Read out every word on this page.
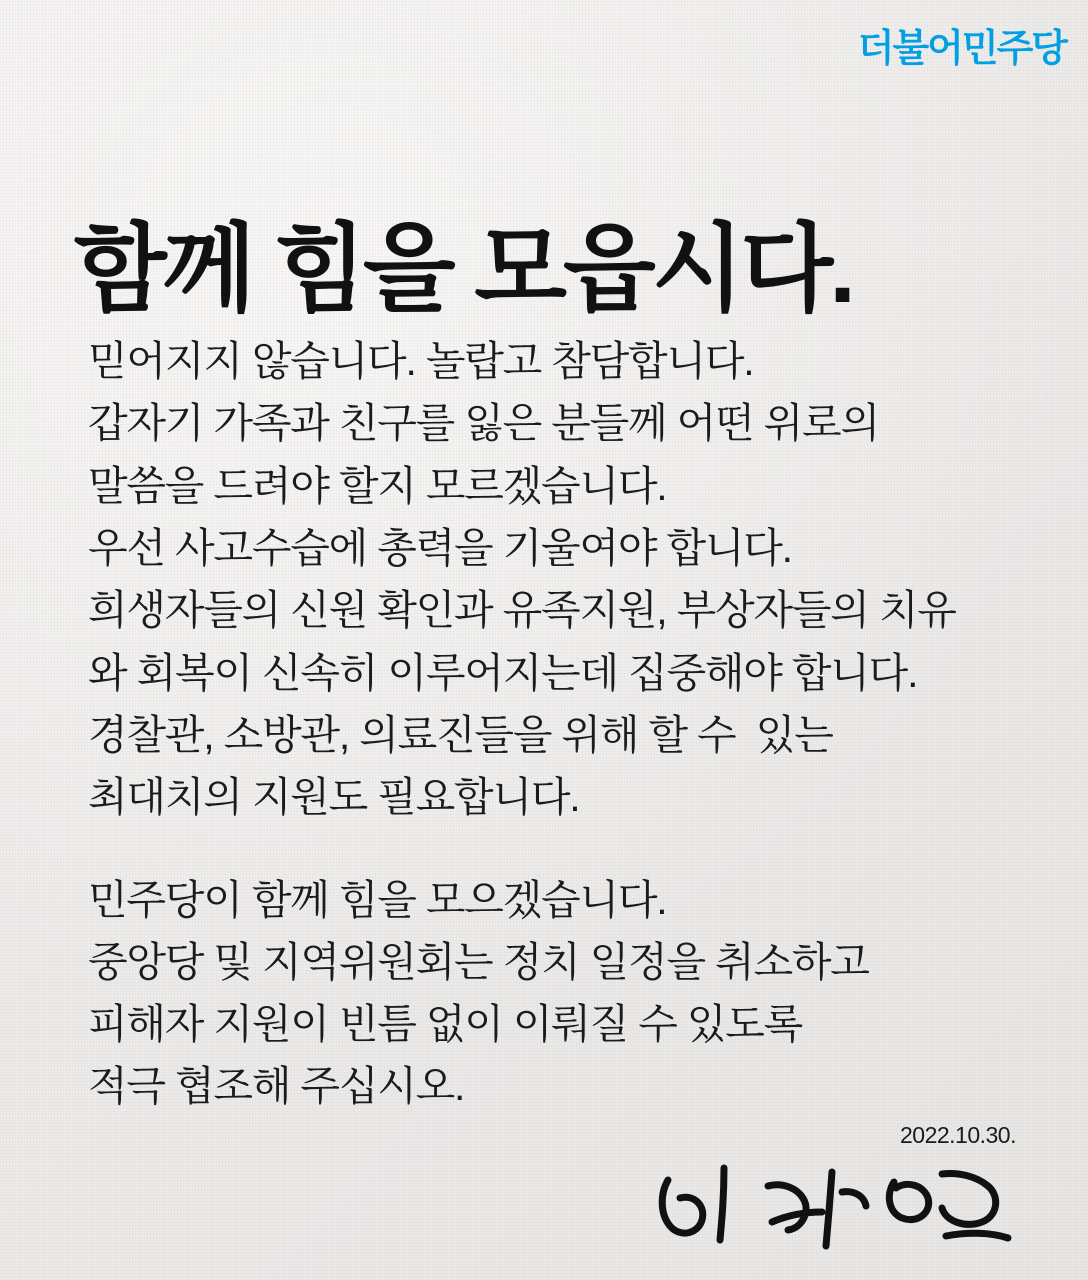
더불어민주당
함께 힘을 모읍시다.
믿어지지 않습니다. 놀랍고 참담합니다.
갑자기 가족과 친구를 잃은 분들께 어떤 위로의
말씀을 드려야 할지 모르겠습니다.
우선 사고수습에 총력을 기울여야 합니다.
희생자들의 신원 확인과 유족지원, 부상자들의 치유
와 회복이 신속히 이루어지는데 집중해야 합니다.
경찰관, 소방관, 의료진들을 위해 할 수  있는
최대치의 지원도 필요합니다.
민주당이 함께 힘을 모으겠습니다.
중앙당 및 지역위원회는 정치 일정을 취소하고
피해자 지원이 빈틈 없이 이뤄질 수 있도록
적극 협조해 주십시오.
2022.10.30.
